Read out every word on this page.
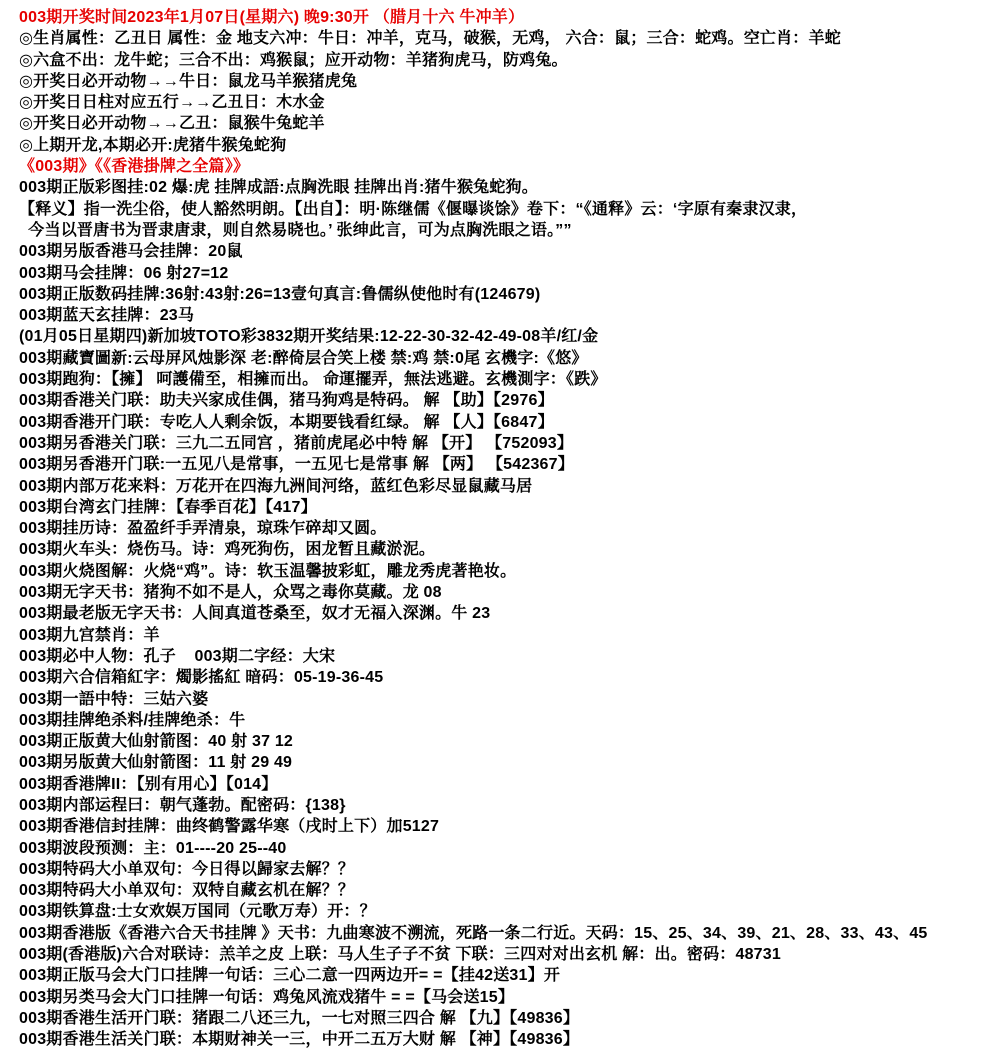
003期开奖时间2023年1月07日(星期六) 晚9:30开 （腊月十六 牛冲羊）
◎生肖属性：乙丑日 属性：金 地支六冲：牛日：冲羊，克马，破猴，无鸡， 六合：鼠；三合：蛇鸡。空亡肖：羊蛇
◎六盒不出：龙牛蛇；三合不出：鸡猴鼠；应开动物：羊猪狗虎马，防鸡兔。
◎开奖日必开动物→→牛日：鼠龙马羊猴猪虎兔
◎开奖日日柱对应五行→→乙丑日：木水金
◎开奖日必开动物→→乙丑：鼠猴牛兔蛇羊
◎上期开龙,本期必开:虎猪牛猴兔蛇狗
《003期》《《香港掛牌之全篇》》
003期正版彩图挂:02 爆:虎 挂牌成語:点胸洗眼 挂牌出肖:猪牛猴兔蛇狗。
【释义】指一洗尘俗，使人豁然明朗。【出自】：明·陈继儒《偃曝谈馀》卷下：“《通释》云：‘字原有秦隶汉隶，
今当以晋唐书为晋隶唐隶，则自然易晓也。’ 张绅此言，可为点胸洗眼之语。””
003期另版香港马会挂牌：20鼠
003期马会挂牌：06 射27=12
003期正版数码挂牌:36射:43射:26=13壹句真言:鲁儒纵使他时有(124679)
003期蓝天玄挂牌：23马
(01月05日星期四)新加坡TOTO彩3832期开奖结果:12-22-30-32-42-49-08羊/红/金
003期藏寶圖新:云母屏风烛影深 老:醉倚层合笑上楼 禁:鸡 禁:0尾 玄機字:《悠》
003期跑狗：【擁】 呵護備至，相擁而出。 命運擺弄，無法逃避。玄機測字：《跌》
003期香港关门联：助夫兴家成佳偶，猪马狗鸡是特码。 解 【助】【2976】
003期香港开门联：专吃人人剩余饭，本期要钱看红绿。 解 【人】【6847】
003期另香港关门联：三九二五同宫 ，猪前虎尾必中特 解 【开】 【752093】
003期另香港开门联:一五见八是常事，一五见七是常事 解 【两】 【542367】
003期内部万花来料：万花开在四海九洲间河络，蓝红色彩尽显鼠藏马居
003期台湾玄门挂牌：【春季百花】【417】
003期挂历诗：盈盈纤手弄清泉，琼珠乍碎却又圆。
003期火车头：烧伤马。诗：鸡死狗伤，困龙暂且藏淤泥。
003期火烧图解：火烧“鸡”。诗：软玉温馨披彩虹，雕龙秀虎著艳妆。
003期无字天书：猪狗不如不是人，众骂之毒你莫藏。龙 08
003期最老版无字天书：人间真道苍桑至，奴才无福入深渊。牛 23
003期九宫禁肖：羊
003期必中人物：孔子    003期二字经：大宋
003期六合信箱紅字：燭影搖紅 暗码：05-19-36-45
003期一語中特：三姑六婆
003期挂牌绝杀料/挂牌绝杀：牛
003期正版黄大仙射箭图：40 射 37 12
003期另版黄大仙射箭图：11 射 29 49
003期香港牌II：【别有用心】【014】
003期内部运程曰：朝气蓬勃。配密码：{138}
003期香港信封挂牌：曲终鹤警露华寒（戌时上下）加5127
003期波段预测：主：01----20 25--40
003期特码大小单双句：今日得以歸家去解？？
003期特码大小单双句：双特自藏玄机在解？？
003期铁算盘:士女欢娱万国同（元歌万寿）开：？
003期香港版《香港六合天书挂牌 》天书：九曲寒波不溯流，死路一条二行近。天码：15、25、34、39、21、28、33、43、45
003期(香港版)六合对联诗：羔羊之皮 上联：马人生子子不贫 下联：三四对对出玄机 解：出。密码：48731
003期正版马会大门口挂牌一句话：三心二意一四两边开= =【挂42送31】开
003期另类马会大门口挂牌一句话：鸡兔风流戏猪牛 = =【马会送15】
003期香港生活开门联：猪跟二八还三九，一七对照三四合 解 【九】【49836】
003期香港生活关门联：本期财神关一三，中开二五万大财 解 【神】【49836】
